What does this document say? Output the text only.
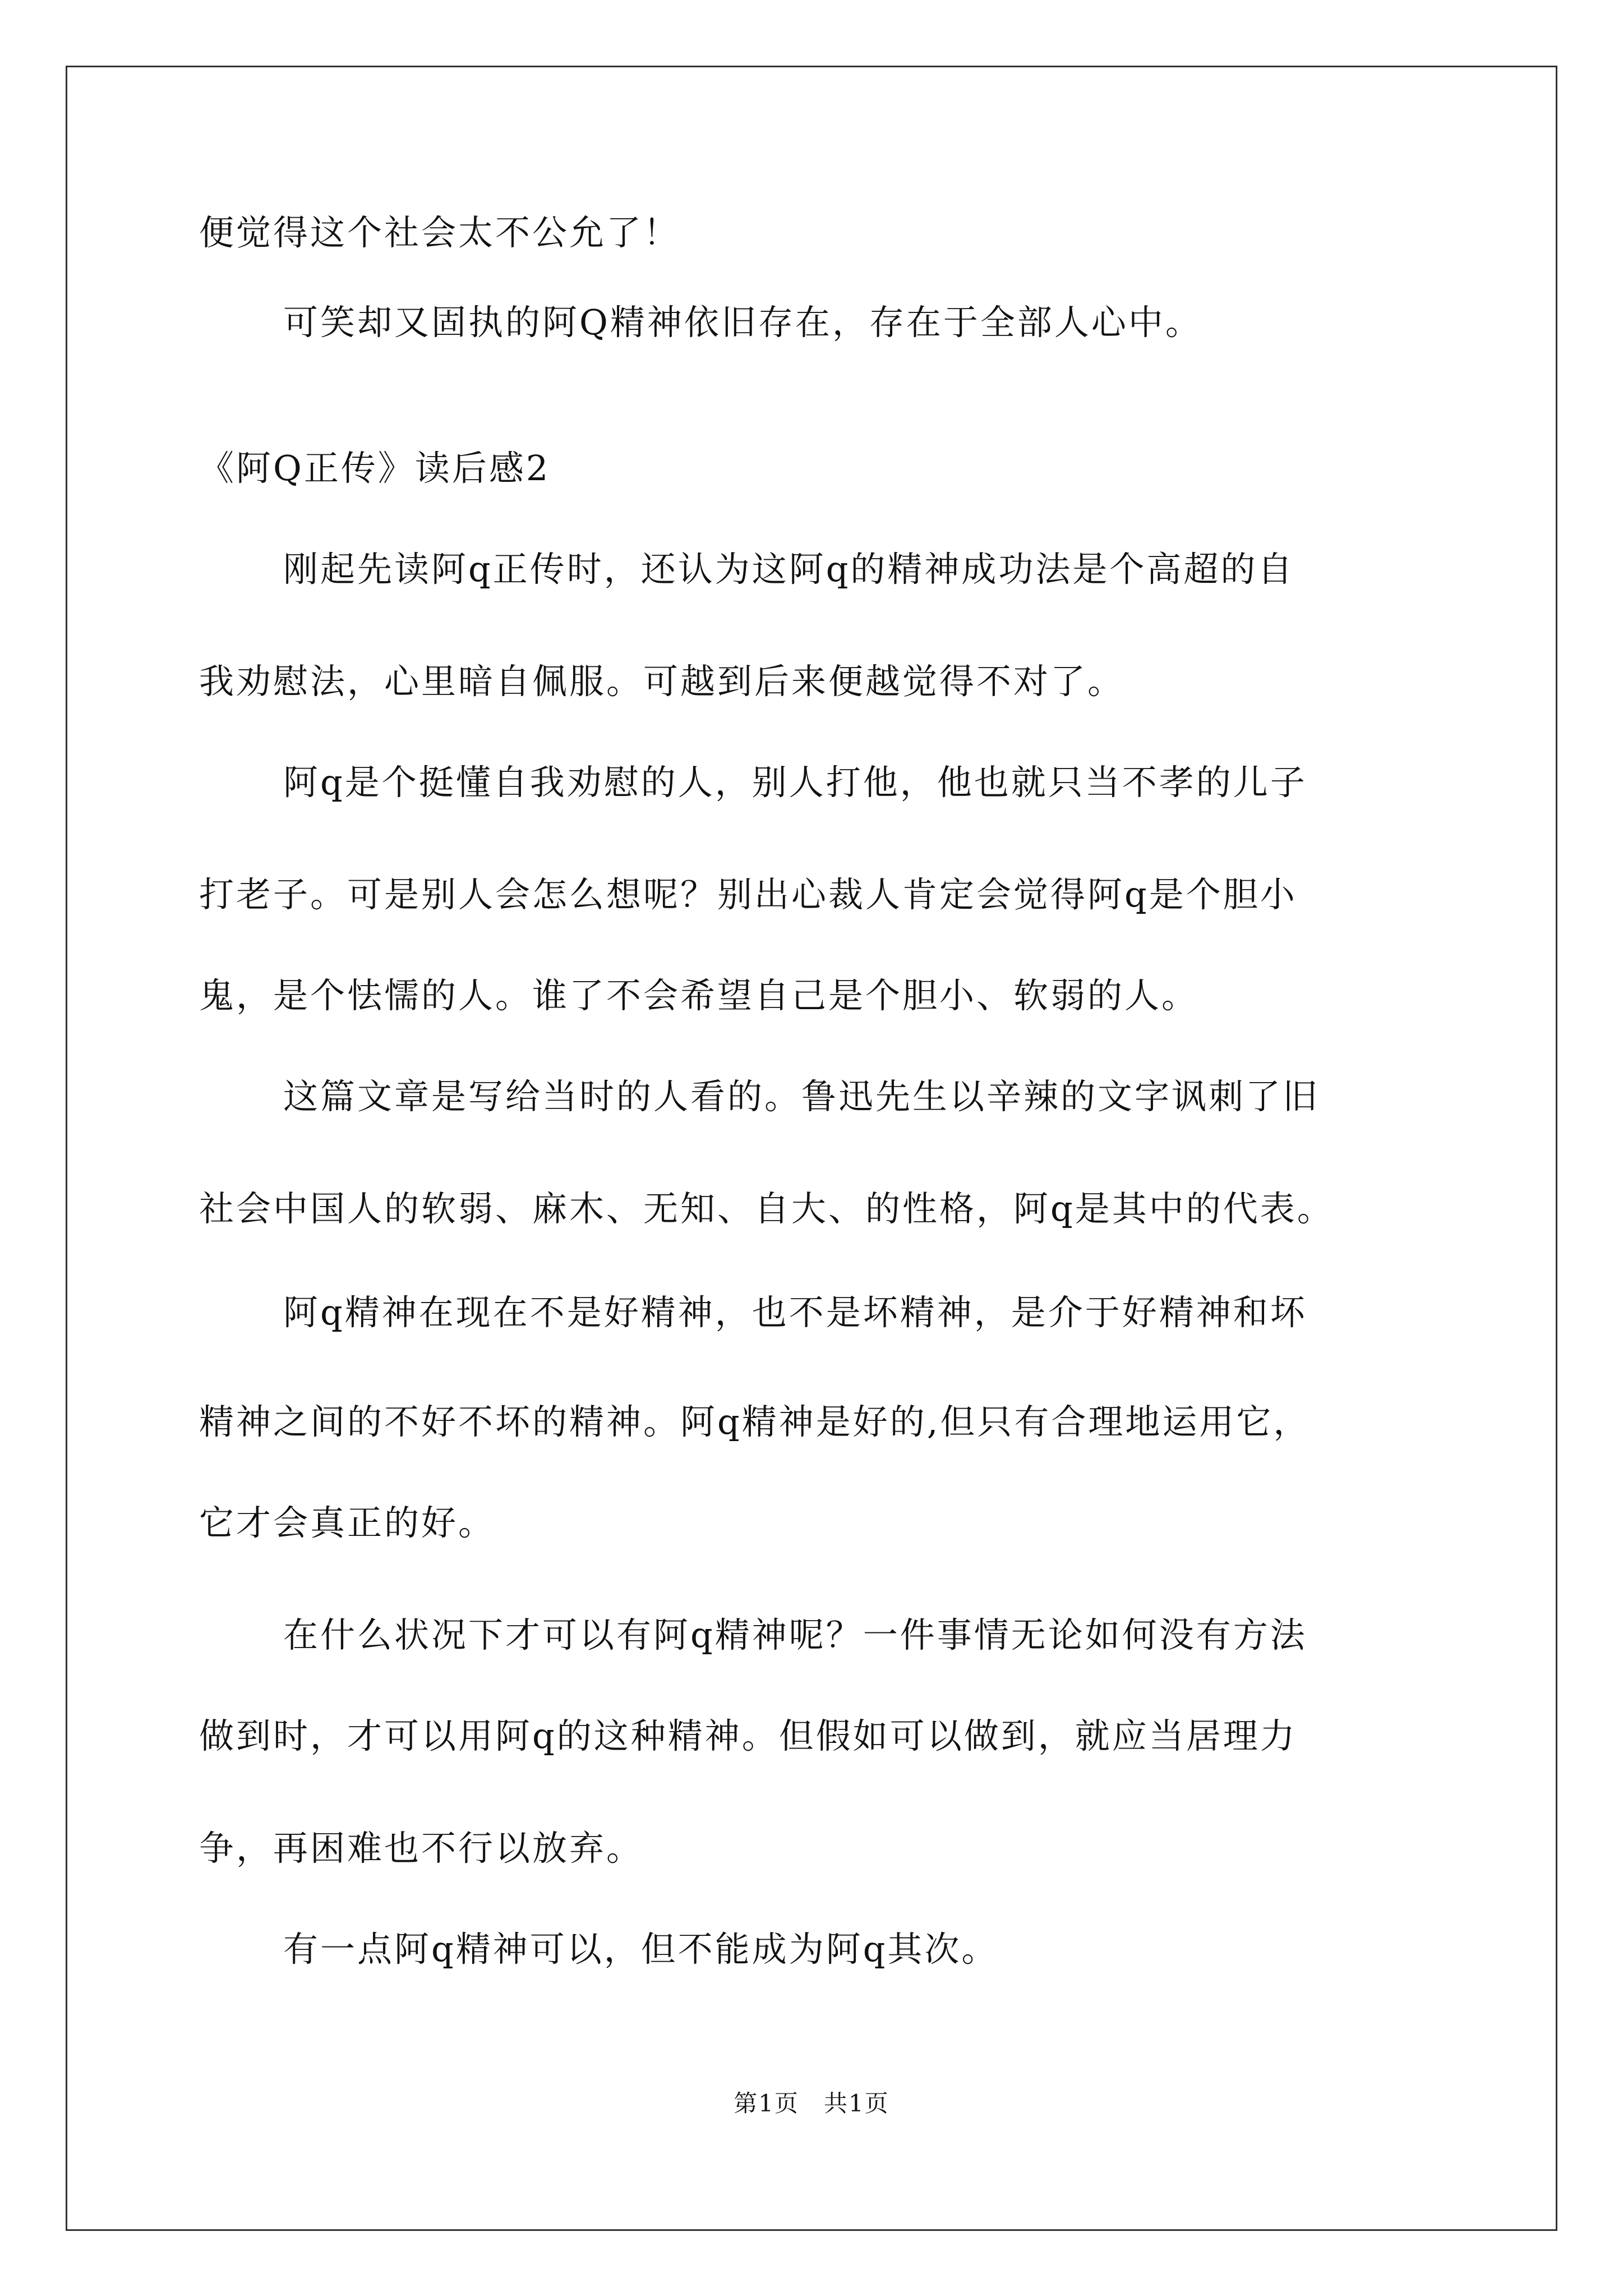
便觉得这个社会太不公允了！
可笑却又固执的阿Q精神依旧存在，存在于全部人心中。
《阿Q正传》读后感2
刚起先读阿q正传时，还认为这阿q的精神成功法是个高超的自
我劝慰法，心里暗自佩服。可越到后来便越觉得不对了。
阿q是个挺懂自我劝慰的人，别人打他，他也就只当不孝的儿子
打老子。可是别人会怎么想呢？别出心裁人肯定会觉得阿q是个胆小
鬼，是个怯懦的人。谁了不会希望自己是个胆小、软弱的人。
这篇文章是写给当时的人看的。鲁迅先生以辛辣的文字讽刺了旧
社会中国人的软弱、麻木、无知、自大、的性格，阿q是其中的代表。
阿q精神在现在不是好精神，也不是坏精神，是介于好精神和坏
精神之间的不好不坏的精神。阿q精神是好的,但只有合理地运用它，
它才会真正的好。
在什么状况下才可以有阿q精神呢？一件事情无论如何没有方法
做到时，才可以用阿q的这种精神。但假如可以做到，就应当居理力
争，再困难也不行以放弃。
有一点阿q精神可以，但不能成为阿q其次。
第1页　共1页
